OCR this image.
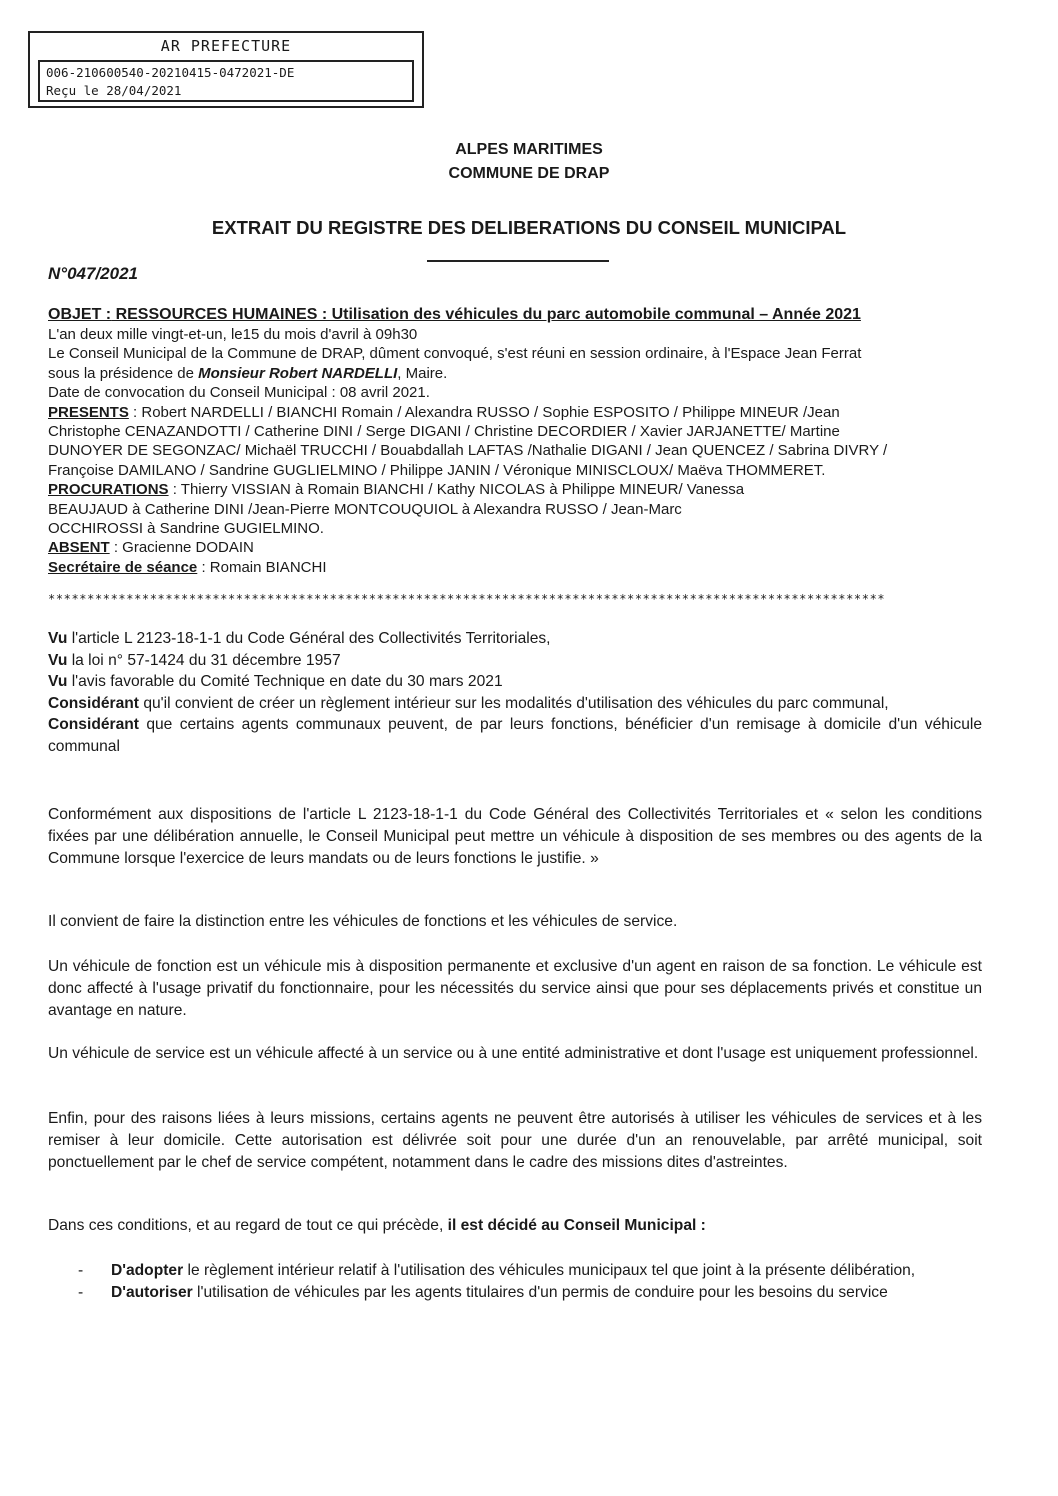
AR PREFECTURE
006-210600540-20210415-0472021-DE
Reçu le 28/04/2021
ALPES MARITIMES
COMMUNE DE DRAP
EXTRAIT DU REGISTRE DES DELIBERATIONS DU CONSEIL MUNICIPAL
N°047/2021
OBJET : RESSOURCES HUMAINES : Utilisation des véhicules du parc automobile communal – Année 2021
L'an deux mille vingt-et-un, le15 du mois d'avril à 09h30
Le Conseil Municipal de la Commune de DRAP, dûment convoqué, s'est réuni en session ordinaire, à l'Espace Jean Ferrat
sous la présidence de Monsieur Robert NARDELLI, Maire.
Date de convocation du Conseil Municipal : 08 avril 2021.
PRESENTS : Robert NARDELLI / BIANCHI Romain / Alexandra RUSSO / Sophie ESPOSITO / Philippe MINEUR /Jean
Christophe CENAZANDOTTI / Catherine DINI / Serge DIGANI / Christine DECORDIER / Xavier JARJANETTE/ Martine
DUNOYER DE SEGONZAC/ Michaël TRUCCHI / Bouabdallah LAFTAS /Nathalie DIGANI / Jean QUENCEZ / Sabrina DIVRY /
Françoise DAMILANO / Sandrine GUGLIELMINO / Philippe JANIN / Véronique MINISCLOUX/ Maëva THOMMERET.
PROCURATIONS : Thierry VISSIAN à Romain BIANCHI / Kathy NICOLAS à Philippe MINEUR/ Vanessa
BEAUJAUD à Catherine DINI /Jean-Pierre MONTCOUQUIOL à Alexandra RUSSO / Jean-Marc
OCCHIROSSI à Sandrine GUGIELMINO.
ABSENT : Gracienne DODAIN
Secrétaire de séance : Romain BIANCHI
***********************************************************************************************************
Vu l'article L 2123-18-1-1 du Code Général des Collectivités Territoriales,
Vu la loi n° 57-1424 du 31 décembre 1957
Vu l'avis favorable du Comité Technique en date du 30 mars 2021
Considérant qu'il convient de créer un règlement intérieur sur les modalités d'utilisation des véhicules du parc communal,
Considérant que certains agents communaux peuvent, de par leurs fonctions, bénéficier d'un remisage à domicile d'un véhicule communal
Conformément aux dispositions de l'article L 2123-18-1-1 du Code Général des Collectivités Territoriales et « selon les conditions fixées par une délibération annuelle, le Conseil Municipal peut mettre un véhicule à disposition de ses membres ou des agents de la Commune lorsque l'exercice de leurs mandats ou de leurs fonctions le justifie. »
Il convient de faire la distinction entre les véhicules de fonctions et les véhicules de service.
Un véhicule de fonction est un véhicule mis à disposition permanente et exclusive d'un agent en raison de sa fonction. Le véhicule est donc affecté à l'usage privatif du fonctionnaire, pour les nécessités du service ainsi que pour ses déplacements privés et constitue un avantage en nature.
Un véhicule de service est un véhicule affecté à un service ou à une entité administrative et dont l'usage est uniquement professionnel.
Enfin, pour des raisons liées à leurs missions, certains agents ne peuvent être autorisés à utiliser les véhicules de services et à les remiser à leur domicile. Cette autorisation est délivrée soit pour une durée d'un an renouvelable, par arrêté municipal, soit ponctuellement par le chef de service compétent, notamment dans le cadre des missions dites d'astreintes.
Dans ces conditions, et au regard de tout ce qui précède, il est décidé au Conseil Municipal :
- D'adopter le règlement intérieur relatif à l'utilisation des véhicules municipaux tel que joint à la présente délibération,
- D'autoriser l'utilisation de véhicules par les agents titulaires d'un permis de conduire pour les besoins du service
